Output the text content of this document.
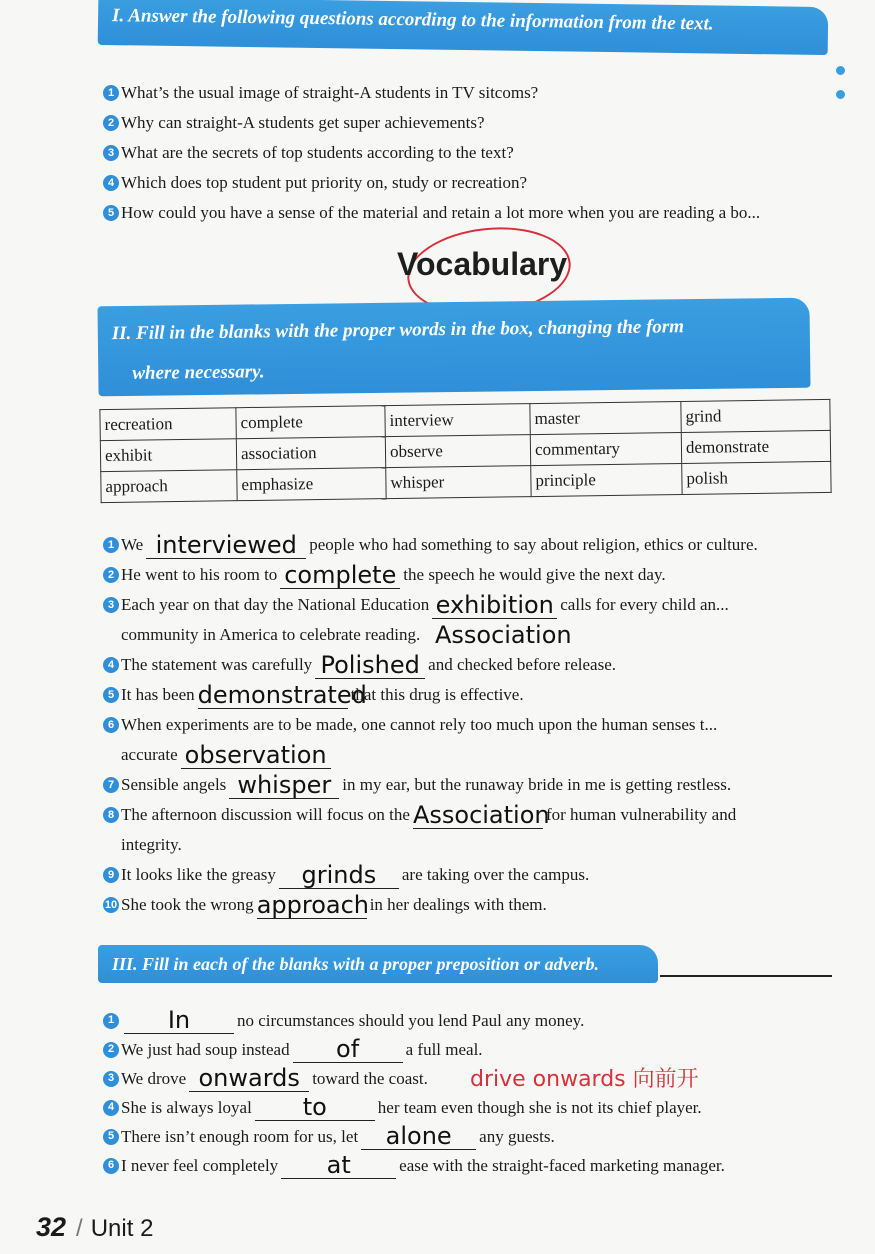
I. Answer the following questions according to the information from the text.
1 What’s the usual image of straight-A students in TV sitcoms?
2 Why can straight-A students get super achievements?
3 What are the secrets of top students according to the text?
4 Which does top student put priority on, study or recreation?
5 How could you have a sense of the material and retain a lot more when you are reading a bo...
Vocabulary
II. Fill in the blanks with the proper words in the box, changing the form
where necessary.
recreation	complete	interview	master	grind
exhibit	association	observe	commentary	demonstrate
approach	emphasize	whisper	principle	polish
1 We interviewed people who had something to say about religion, ethics or culture.
2 He went to his room to complete the speech he would give the next day.
3 Each year on that day the National Education exhibition calls for every child an...
community in America to celebrate reading. Association
4 The statement was carefully Polished and checked before release.
5 It has been demonstrated
that this drug is effective.
6 When experiments are to be made, one cannot rely too much upon the human senses t...
accurate observation
7 Sensible angels whisper in my ear, but the runaway bride in me is getting restless.
8 The afternoon discussion will focus on the Association
for human vulnerability and
integrity.
9 It looks like the greasy	grinds	are taking over the campus.
10 She took the wrong approach in her dealings with them.
III. Fill in each of the blanks with a proper preposition or adverb.
1	In	no circumstances should you lend Paul any money.
2 We just had soup instead	of	a full meal.
3 We drove onwards toward the coast.
4 She is always loyal	to	her team even though she is not its chief player.
5 There isn’t enough room for us, let	alone	any guests.
6 I never feel completely	at	ease with the straight-faced marketing manager.
drive onwards 向前开
32 / Unit 2
